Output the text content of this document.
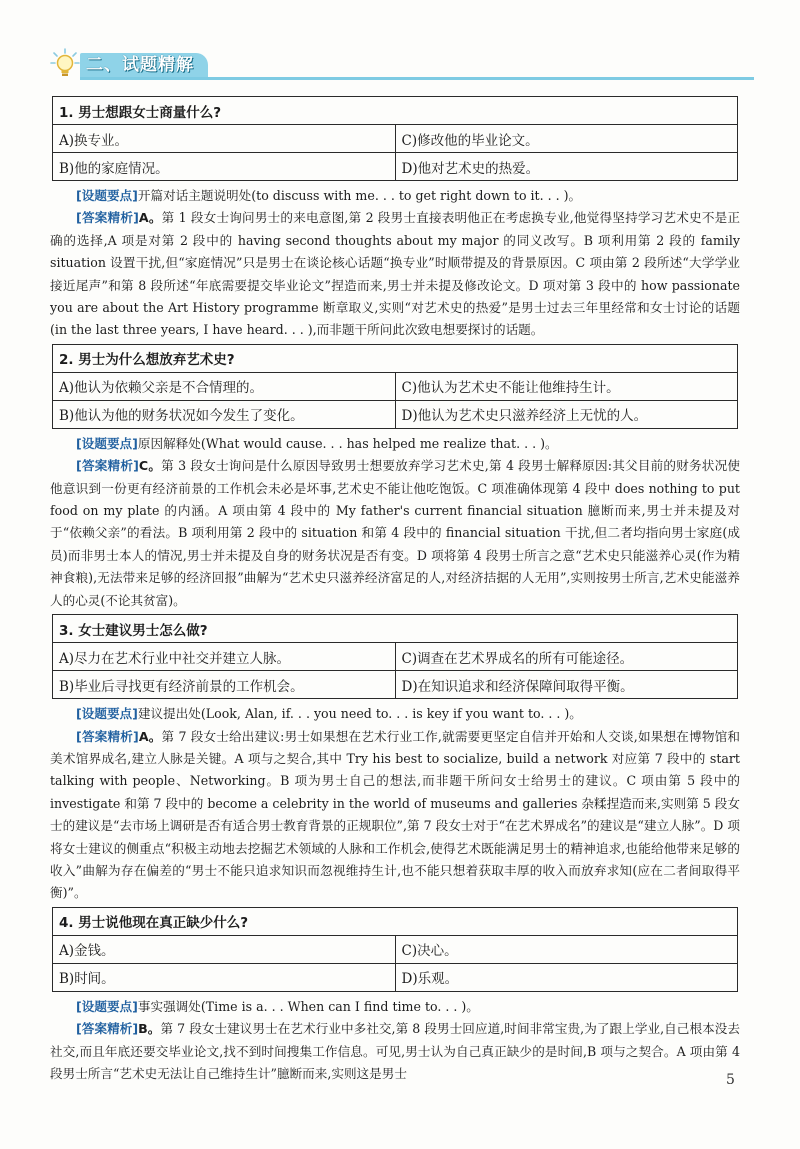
二、试题精解
1. 男士想跟女士商量什么?	
A)换专业。	C)修改他的毕业论文。
B)他的家庭情况。	D)他对艺术史的热爱。

[设题要点]开篇对话主题说明处(to discuss with me. . . to get right down to it. . . )。

[答案精析]A。第 1 段女士询问男士的来电意图,第 2 段男士直接表明他正在考虑换专业,他觉得坚持学习艺术史不是正确的选择,A 项是对第 2 段中的 having second thoughts about my major 的同义改写。B 项利用第 2 段的 family situation 设置干扰,但“家庭情况”只是男士在谈论核心话题“换专业”时顺带提及的背景原因。C 项由第 2 段所述“大学学业接近尾声”和第 8 段所述“年底需要提交毕业论文”捏造而来,男士并未提及修改论文。D 项对第 3 段中的 how passionate you are about the Art History programme 断章取义,实则“对艺术史的热爱”是男士过去三年里经常和女士讨论的话题(in the last three years, I have heard. . . ),而非题干所问此次致电想要探讨的话题。

2. 男士为什么想放弃艺术史?	
A)他认为依赖父亲是不合情理的。	C)他认为艺术史不能让他维持生计。
B)他认为他的财务状况如今发生了变化。	D)他认为艺术史只滋养经济上无忧的人。

[设题要点]原因解释处(What would cause. . . has helped me realize that. . . )。

[答案精析]C。第 3 段女士询问是什么原因导致男士想要放弃学习艺术史,第 4 段男士解释原因:其父目前的财务状况使他意识到一份更有经济前景的工作机会未必是坏事,艺术史不能让他吃饱饭。C 项准确体现第 4 段中 does nothing to put food on my plate 的内涵。A 项由第 4 段中的 My father's current financial situation 臆断而来,男士并未提及对于“依赖父亲”的看法。B 项利用第 2 段中的 situation 和第 4 段中的 financial situation 干扰,但二者均指向男士家庭(成员)而非男士本人的情况,男士并未提及自身的财务状况是否有变。D 项将第 4 段男士所言之意“艺术史只能滋养心灵(作为精神食粮),无法带来足够的经济回报”曲解为“艺术史只滋养经济富足的人,对经济拮据的人无用”,实则按男士所言,艺术史能滋养人的心灵(不论其贫富)。

3. 女士建议男士怎么做?	
A)尽力在艺术行业中社交并建立人脉。	C)调查在艺术界成名的所有可能途径。
B)毕业后寻找更有经济前景的工作机会。	D)在知识追求和经济保障间取得平衡。

[设题要点]建议提出处(Look, Alan, if. . . you need to. . . is key if you want to. . . )。

[答案精析]A。第 7 段女士给出建议:男士如果想在艺术行业工作,就需要更坚定自信并开始和人交谈,如果想在博物馆和美术馆界成名,建立人脉是关键。A 项与之契合,其中 Try his best to socialize, build a network 对应第 7 段中的 start talking with people、Networking。B 项为男士自己的想法,而非题干所问女士给男士的建议。C 项由第 5 段中的 investigate 和第 7 段中的 become a celebrity in the world of museums and galleries 杂糅捏造而来,实则第 5 段女士的建议是“去市场上调研是否有适合男士教育背景的正规职位”,第 7 段女士对于“在艺术界成名”的建议是“建立人脉”。D 项将女士建议的侧重点“积极主动地去挖掘艺术领域的人脉和工作机会,使得艺术既能满足男士的精神追求,也能给他带来足够的收入”曲解为存在偏差的“男士不能只追求知识而忽视维持生计,也不能只想着获取丰厚的收入而放弃求知(应在二者间取得平衡)”。

4. 男士说他现在真正缺少什么?	
A)金钱。	C)决心。
B)时间。	D)乐观。

[设题要点]事实强调处(Time is a. . . When can I find time to. . . )。

[答案精析]B。第 7 段女士建议男士在艺术行业中多社交,第 8 段男士回应道,时间非常宝贵,为了跟上学业,自己根本没去社交,而且年底还要交毕业论文,找不到时间搜集工作信息。可见,男士认为自己真正缺少的是时间,B 项与之契合。A 项由第 4 段男士所言“艺术史无法让自己维持生计”臆断而来,实则这是男士	5
